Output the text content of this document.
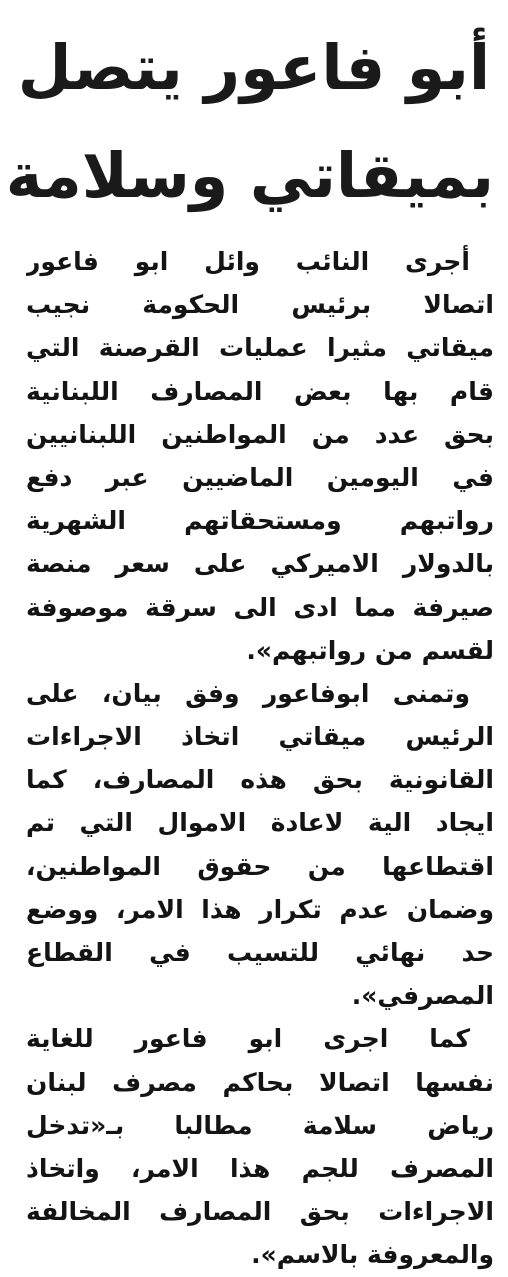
أبو فاعور يتصل
بميقاتي وسلامة
أجرى النائب وائل ابو فاعور
اتصالا برئيس الحكومة نجيب
ميقاتي مثيرا عمليات القرصنة التي
قام بها بعض المصارف اللبنانية
بحق عدد من المواطنين اللبنانيين
في اليومين الماضيين عبر دفع
رواتبهم ومستحقاتهم الشهرية
بالدولار الاميركي على سعر منصة
صيرفة مما ادى الى سرقة موصوفة
لقسم من رواتبهم».
وتمنى ابوفاعور وفق بيان، على
الرئيس ميقاتي اتخاذ الاجراءات
القانونية بحق هذه المصارف، كما
ايجاد الية لاعادة الاموال التي تم
اقتطاعها من حقوق المواطنين،
وضمان عدم تكرار هذا الامر، ووضع
حد نهائي للتسيب في القطاع
المصرفي».
كما اجرى ابو فاعور للغاية
نفسها اتصالا بحاكم مصرف لبنان
رياض سلامة مطالبا بـ«تدخل
المصرف للجم هذا الامر، واتخاذ
الاجراءات بحق المصارف المخالفة
والمعروفة بالاسم».
